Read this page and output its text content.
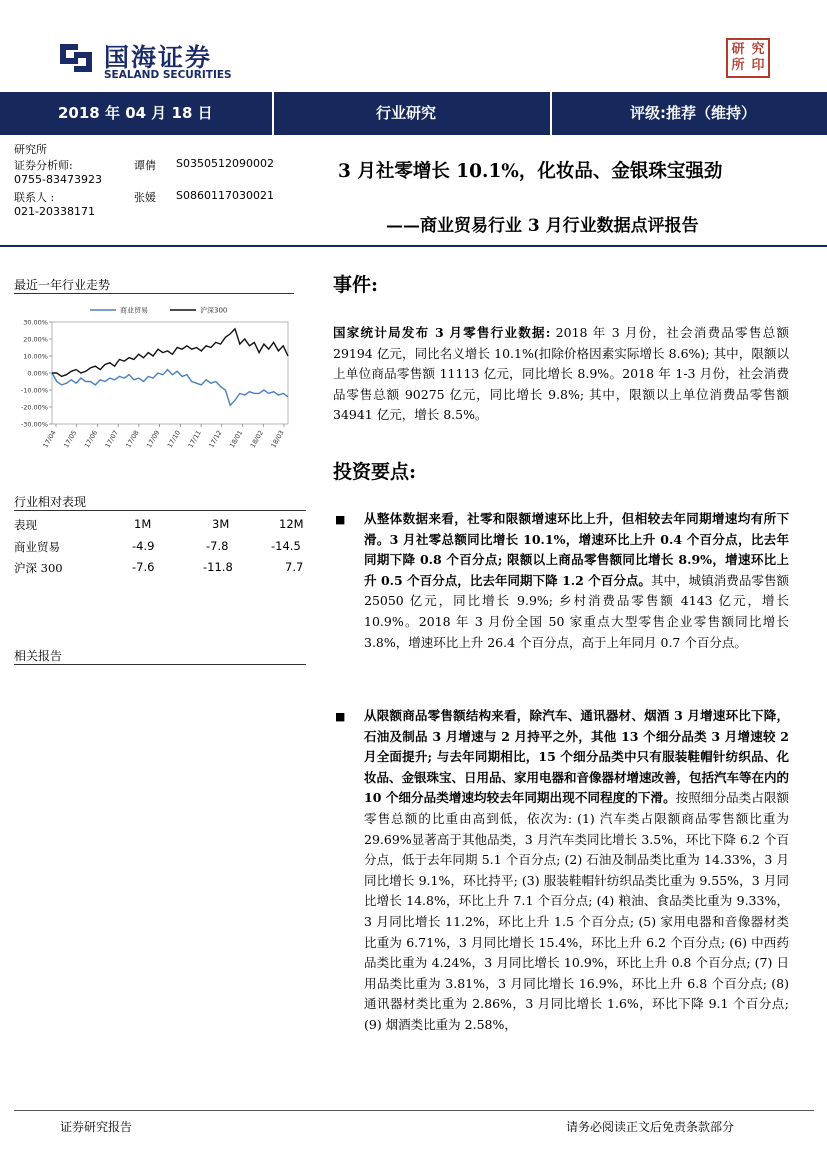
国海证券
SEALAND SECURITIES
研 究
所 印
2018 年 04 月 18 日	行业研究	评级:推荐（维持）
研究所
证券分析师:	谭倩 S0350512090002
0755-83473923
联系人 :	张媛 S0860117030021
021-20338171
3 月社零增长 10.1%，化妆品、金银珠宝强劲
——商业贸易行业 3 月行业数据点评报告
最近一年行业走势
30.00%
20.00%
10.00%
0.00%
-10.00%
-20.00%
-30.00%
17/04 17/05 17/06 17/07 17/08 17/09 17/10 17/11 17/12 18/01 18/02 18/03
商业贸易	沪深300
行业相对表现
表现	1M	3M	12M
商业贸易	-4.9	-7.8	-14.5
沪深 300	-7.6	-11.8	7.7
相关报告
事件:
国家统计局发布 3 月零售行业数据: 2018 年 3 月份，社会消费品零售总额 29194 亿元，同比名义增长 10.1%(扣除价格因素实际增长 8.6%); 其中，限额以上单位商品零售额 11113 亿元，同比增长 8.9%。2018 年 1-3 月份，社会消费品零售总额 90275 亿元，同比增长 9.8%; 其中，限额以上单位消费品零售额 34941 亿元，增长 8.5%。
投资要点:
■ 从整体数据来看，社零和限额增速环比上升，但相较去年同期增速均有所下滑。3 月社零总额同比增长 10.1%，增速环比上升 0.4 个百分点，比去年同期下降 0.8 个百分点; 限额以上商品零售额同比增长 8.9%，增速环比上升 0.5 个百分点，比去年同期下降 1.2 个百分点。其中，城镇消费品零售额 25050 亿元，同比增长 9.9%; 乡村消费品零售额 4143 亿元，增长 10.9%。2018 年 3 月份全国 50 家重点大型零售企业零售额同比增长 3.8%，增速环比上升 26.4 个百分点，高于上年同月 0.7 个百分点。
■ 从限额商品零售额结构来看，除汽车、通讯器材、烟酒 3 月增速环比下降，石油及制品 3 月增速与 2 月持平之外，其他 13 个细分品类 3 月增速较 2 月全面提升; 与去年同期相比，15 个细分品类中只有服装鞋帽针纺织品、化妆品、金银珠宝、日用品、家用电器和音像器材增速改善，包括汽车等在内的 10 个细分品类增速均较去年同期出现不同程度的下滑。按照细分品类占限额零售总额的比重由高到低，依次为: (1) 汽车类占限额商品零售额比重为 29.69%显著高于其他品类，3 月汽车类同比增长 3.5%，环比下降 6.2 个百分点，低于去年同期 5.1 个百分点; (2) 石油及制品类比重为 14.33%，3 月同比增长 9.1%，环比持平; (3) 服装鞋帽针纺织品类比重为 9.55%，3 月同比增长 14.8%，环比上升 7.1 个百分点; (4) 粮油、食品类比重为 9.33%，3 月同比增长 11.2%，环比上升 1.5 个百分点; (5) 家用电器和音像器材类比重为 6.71%，3 月同比增长 15.4%，环比上升 6.2 个百分点; (6) 中西药品类比重为 4.24%，3 月同比增长 10.9%，环比上升 0.8 个百分点; (7) 日用品类比重为 3.81%，3 月同比增长 16.9%，环比上升 6.8 个百分点; (8) 通讯器材类比重为 2.86%，3 月同比增长 1.6%，环比下降 9.1 个百分点; (9) 烟酒类比重为 2.58%，
证券研究报告	请务必阅读正文后免责条款部分
